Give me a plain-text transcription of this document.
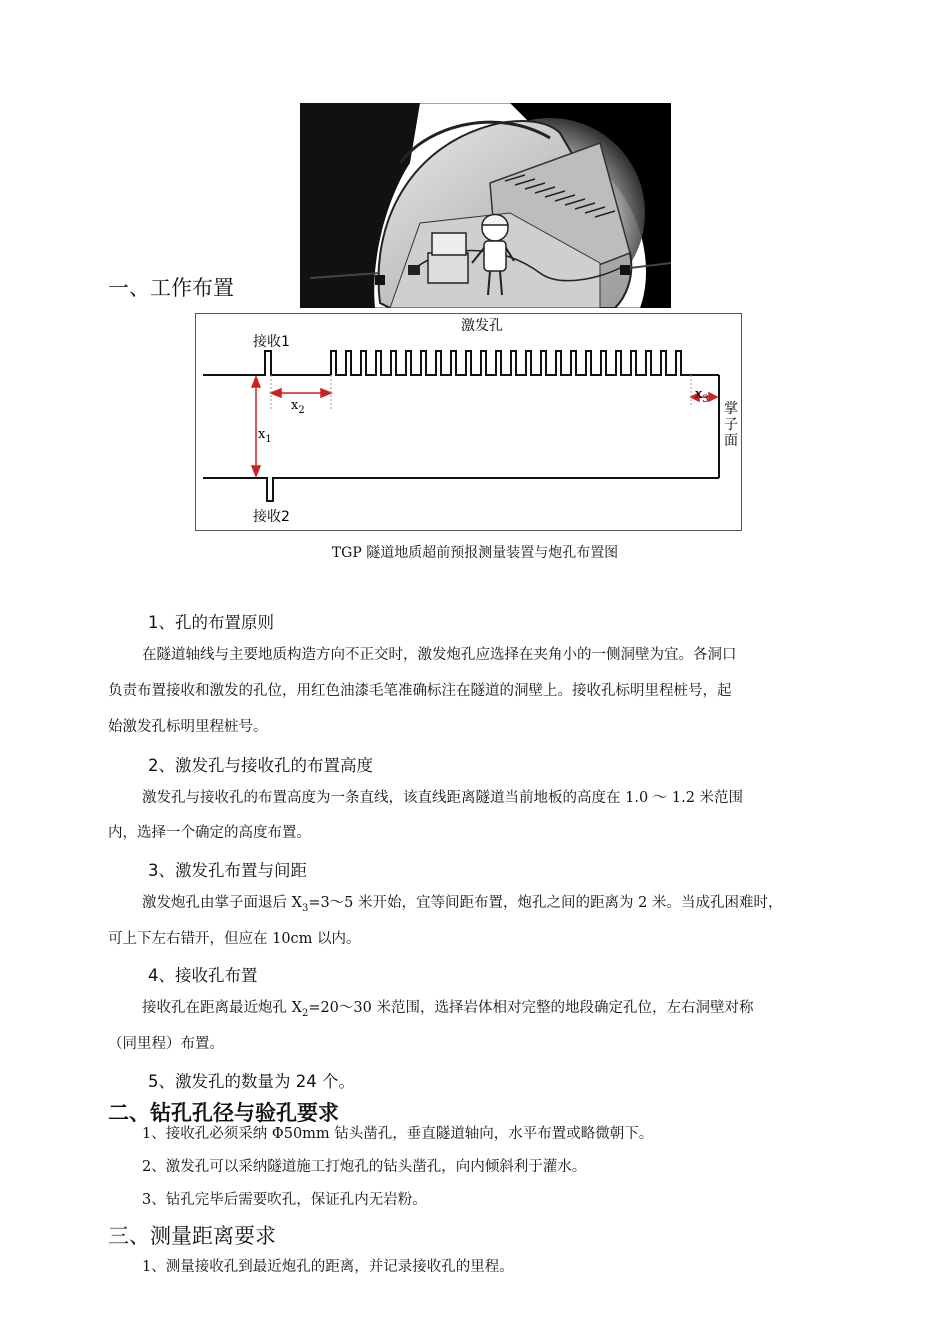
一、工作布置
激发孔
接收1
接收2
$x_1$
$x_2$
$x_3$
掌
子
面
TGP 隧道地质超前预报测量装置与炮孔布置图
1、孔的布置原则
在隧道轴线与主要地质构造方向不正交时，激发炮孔应选择在夹角小的一侧洞壁为宜。各洞口
负责布置接收和激发的孔位，用红色油漆毛笔准确标注在隧道的洞壁上。接收孔标明里程桩号，起
始激发孔标明里程桩号。
2、激发孔与接收孔的布置高度
激发孔与接收孔的布置高度为一条直线，该直线距离隧道当前地板的高度在 1.0 ～ 1.2 米范围
内，选择一个确定的高度布置。
3、激发孔布置与间距
激发炮孔由掌子面退后 $X_3=3\sim 5$ 米开始，宜等间距布置，炮孔之间的距离为 2 米。当成孔困难时，
可上下左右错开，但应在 10cm 以内。
4、接收孔布置
接收孔在距离最近炮孔 $X_2=20\sim 30$ 米范围，选择岩体相对完整的地段确定孔位，左右洞壁对称
（同里程）布置。
5、激发孔的数量为 24 个。
二、钻孔孔径与验孔要求
1、接收孔必须采纳 Φ50mm 钻头凿孔，垂直隧道轴向，水平布置或略微朝下。
2、激发孔可以采纳隧道施工打炮孔的钻头凿孔，向内倾斜利于灌水。
3、钻孔完毕后需要吹孔，保证孔内无岩粉。
三、测量距离要求
1、测量接收孔到最近炮孔的距离，并记录接收孔的里程。
